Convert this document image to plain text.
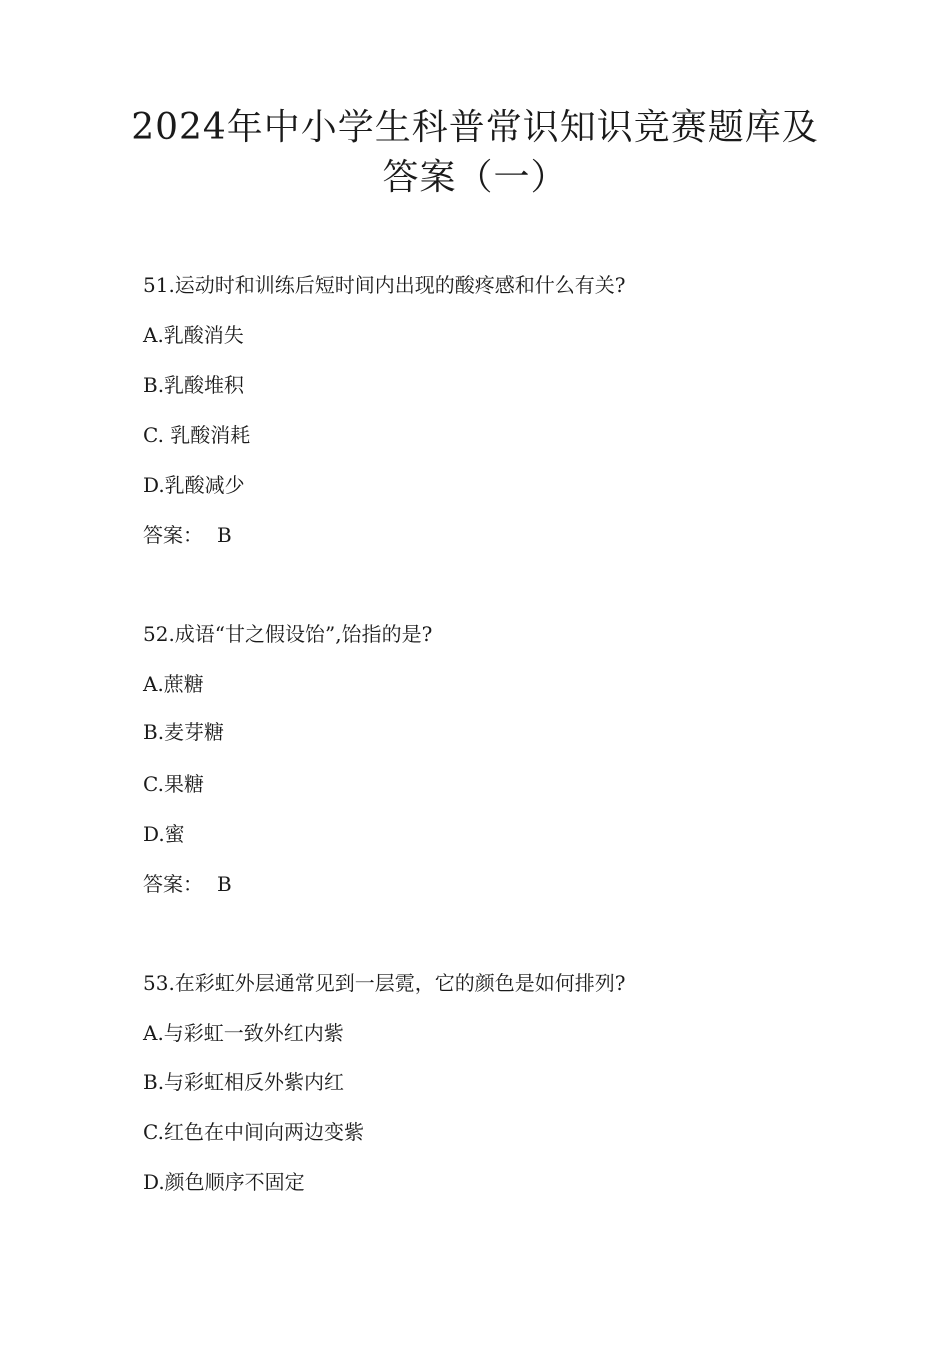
2024年中小学生科普常识知识竞赛题库及
答案（一）
51.运动时和训练后短时间内出现的酸疼感和什么有关?
A.乳酸消失
B.乳酸堆积
C. 乳酸消耗
D.乳酸减少
答案： B
52.成语“甘之假设饴”,饴指的是?
A.蔗糖
B.麦芽糖
C.果糖
D.蜜
答案： B
53.在彩虹外层通常见到一层霓，它的颜色是如何排列?
A.与彩虹一致外红内紫
B.与彩虹相反外紫内红
C.红色在中间向两边变紫
D.颜色顺序不固定
